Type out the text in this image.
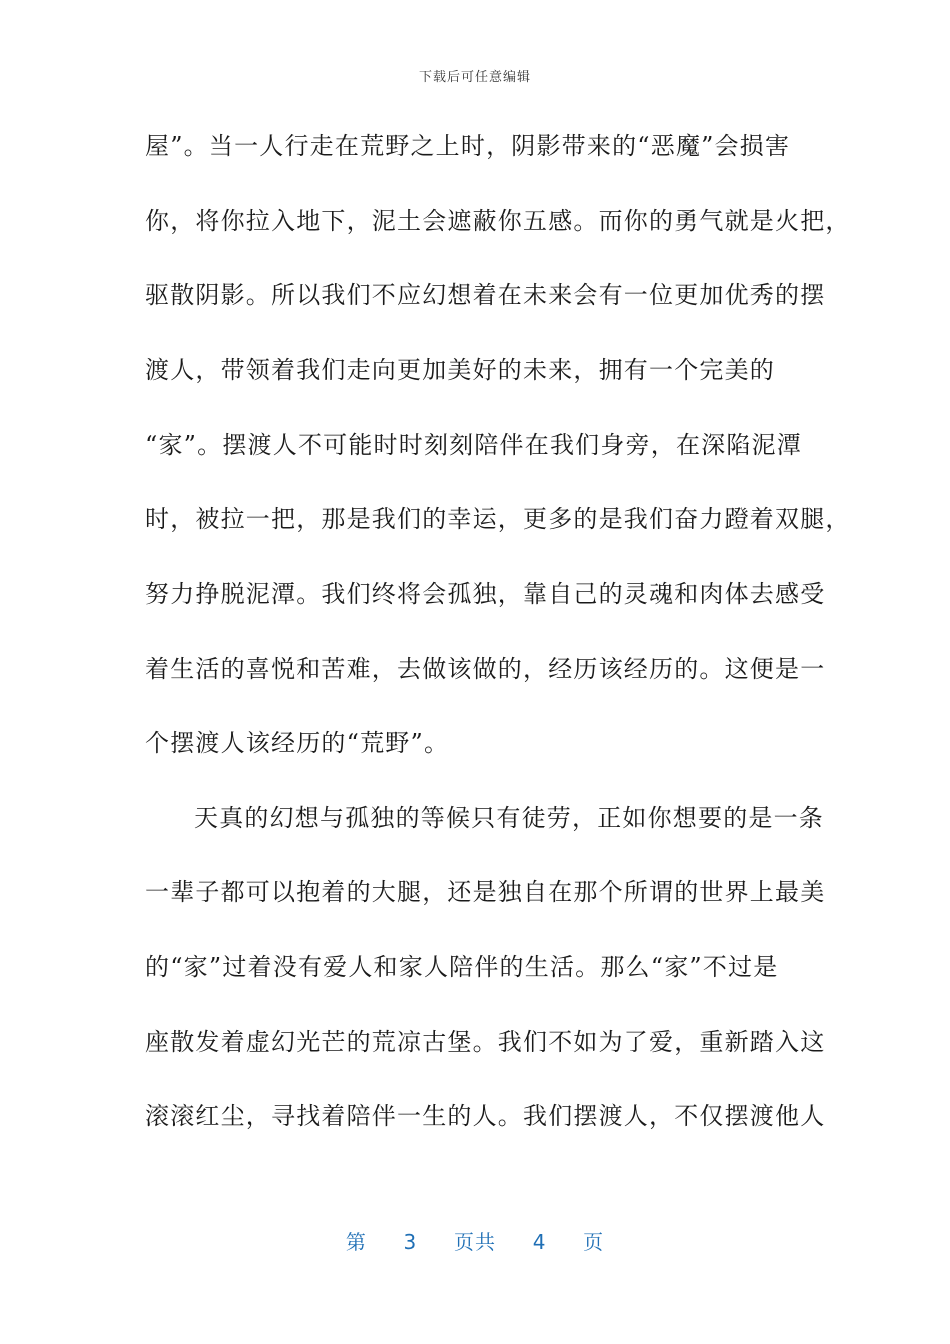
下载后可任意编辑
屋”。当一人行走在荒野之上时，阴影带来的“恶魔”会损害
你，将你拉入地下，泥土会遮蔽你五感。而你的勇气就是火把，
驱散阴影。所以我们不应幻想着在未来会有一位更加优秀的摆
渡人，带领着我们走向更加美好的未来，拥有一个完美的
“家”。摆渡人不可能时时刻刻陪伴在我们身旁，在深陷泥潭
时，被拉一把，那是我们的幸运，更多的是我们奋力蹬着双腿，
努力挣脱泥潭。我们终将会孤独，靠自己的灵魂和肉体去感受
着生活的喜悦和苦难，去做该做的，经历该经历的。这便是一
个摆渡人该经历的“荒野”。
天真的幻想与孤独的等候只有徒劳，正如你想要的是一条
一辈子都可以抱着的大腿，还是独自在那个所谓的世界上最美
的“家”过着没有爱人和家人陪伴的生活。那么“家”不过是
座散发着虚幻光芒的荒凉古堡。我们不如为了爱，重新踏入这
滚滚红尘，寻找着陪伴一生的人。我们摆渡人，不仅摆渡他人
第 3 页共 4 页
